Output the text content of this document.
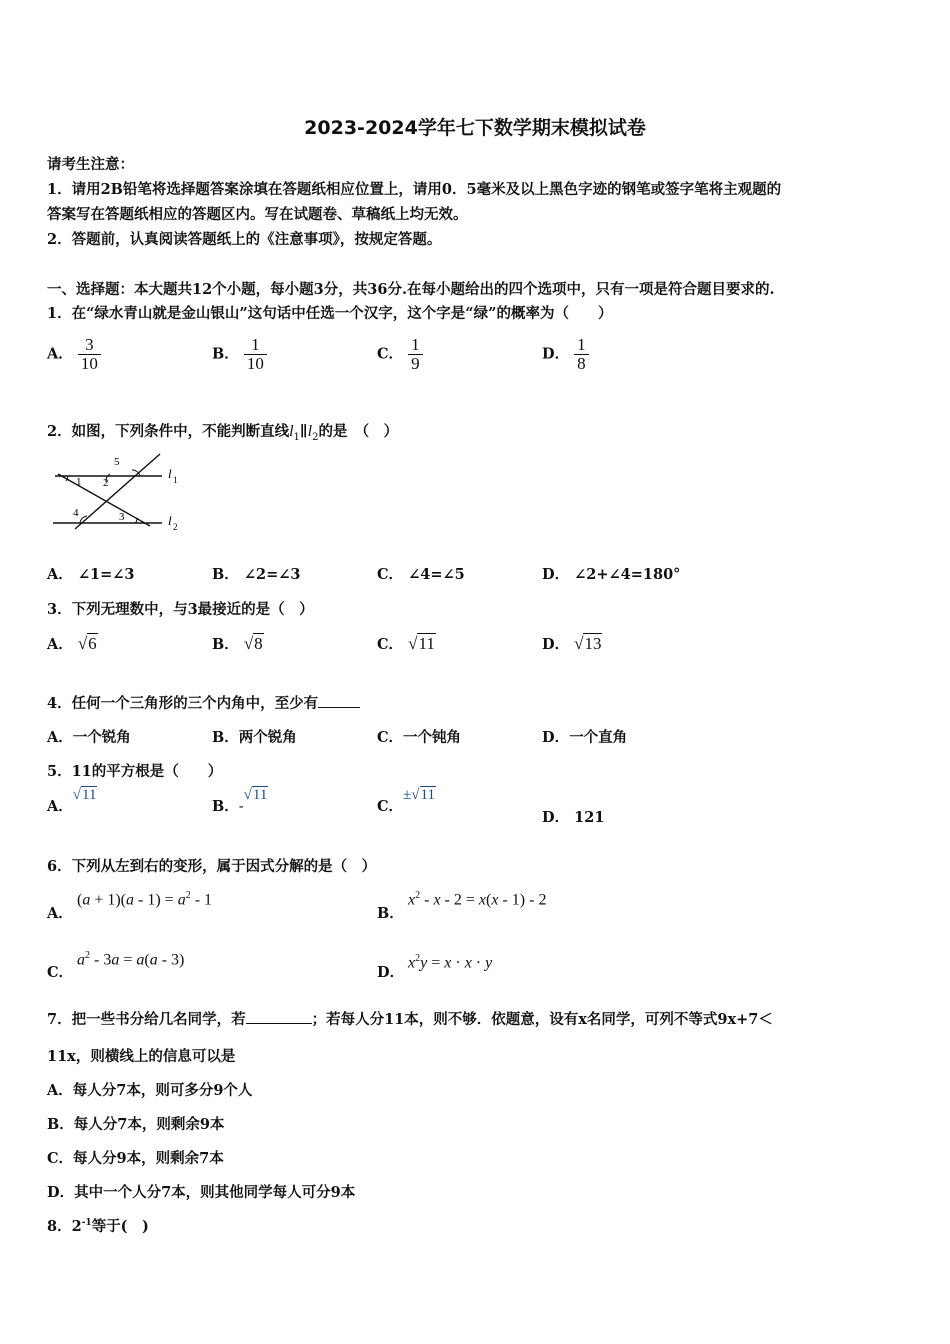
2023-2024学年七下数学期末模拟试卷
请考生注意：
1．请用2B铅笔将选择题答案涂填在答题纸相应位置上，请用0．5毫米及以上黑色字迹的钢笔或签字笔将主观题的
答案写在答题纸相应的答题区内。写在试题卷、草稿纸上均无效。
2．答题前，认真阅读答题纸上的《注意事项》，按规定答题。
一、选择题：本大题共12个小题，每小题3分，共36分.在每小题给出的四个选项中，只有一项是符合题目要求的.
1．在“绿水青山就是金山银山”这句话中任选一个汉字，这个字是“绿”的概率为（　　）
A． $\frac{3}{10}$	B． $\frac{1}{10}$	C． $\frac{1}{9}$	D． $\frac{1}{8}$
2．如图，下列条件中，不能判断直线$l_1\parallel l_2$的是　（　）
1 2
3
4
5
l 1
l 2
A． ∠1=∠3	B． ∠2=∠3	C． ∠4=∠5	D． ∠2+∠4=180°
3．下列无理数中，与3最接近的是（　）
A． √6	B． √8	C． √11	D． √13
4．任何一个三角形的三个内角中，至少有
A．一个锐角	B．两个锐角	C．一个钝角	D．一个直角
5．11的平方根是（　　）
A．√11
B．-√11
C．±√11
D． 121
6．下列从左到右的变形，属于因式分解的是（　）
A．
$(a + 1)(a - 1) = a^2 - 1$
B．
$x^2 - x - 2 = x(x - 1) - 2$
C．
$a^2 - 3a = a(a - 3)$
D．
$x^2y = x \cdot x \cdot y$
7．把一些书分给几名同学，若	；若每人分11本，则不够．依题意，设有x名同学，可列不等式9x+7＜
11x，则横线上的信息可以是
A．每人分7本，则可多分9个人
B．每人分7本，则剩余9本
C．每人分9本，则剩余7本
D．其中一个人分7本，则其他同学每人可分9本
8．$2^{-1}$等于(　)
